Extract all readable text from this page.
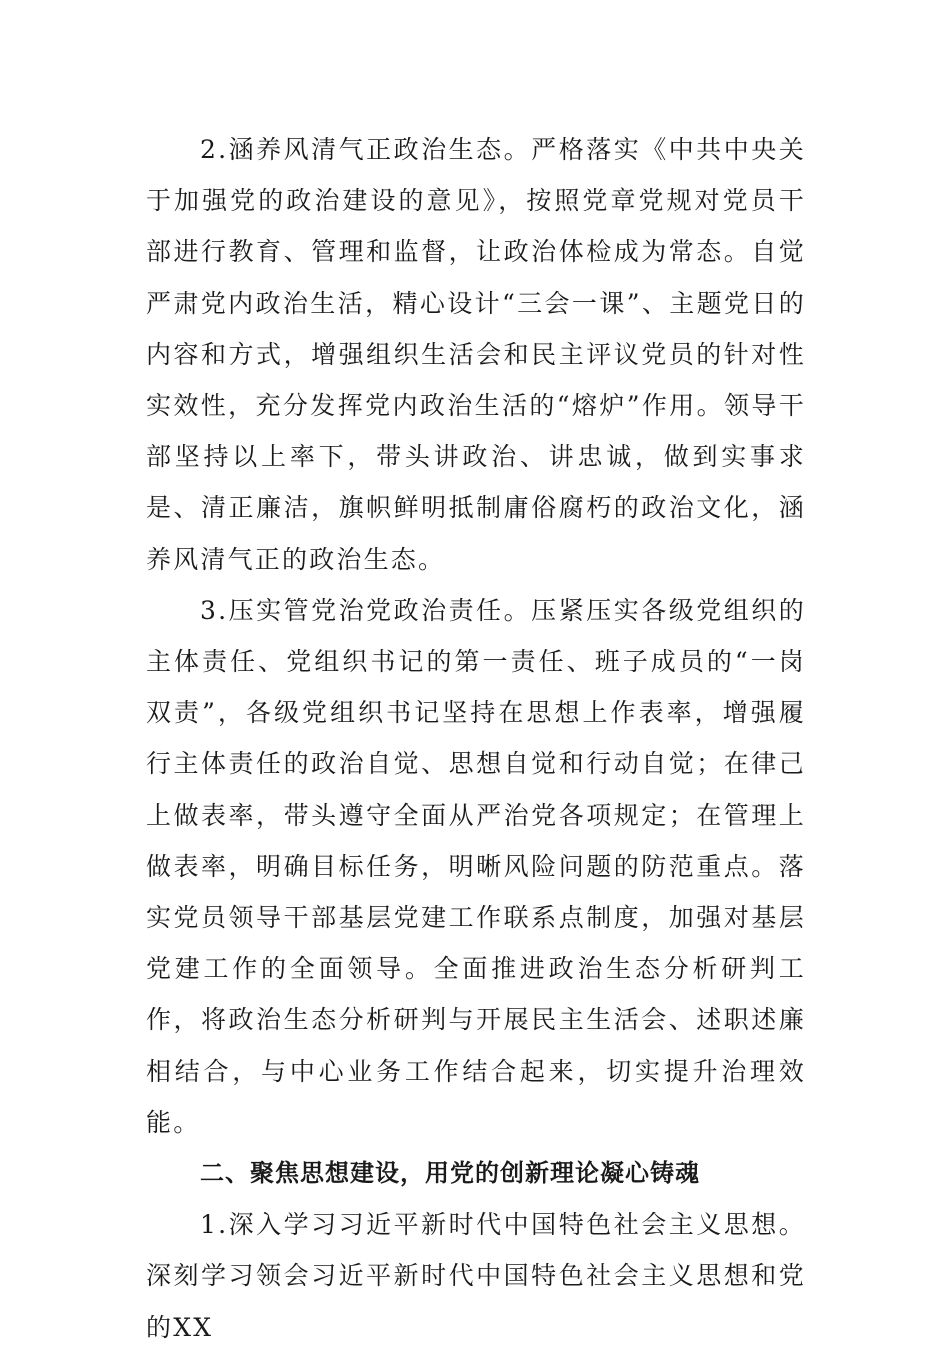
2.涵养风清气正政治生态。严格落实《中共中央关于加强党的政治建设的意见》，按照党章党规对党员干部进行教育、管理和监督，让政治体检成为常态。自觉严肃党内政治生活，精心设计“三会一课”、主题党日的内容和方式，增强组织生活会和民主评议党员的针对性实效性，充分发挥党内政治生活的“熔炉”作用。领导干部坚持以上率下，带头讲政治、讲忠诚，做到实事求是、清正廉洁，旗帜鲜明抵制庸俗腐朽的政治文化，涵养风清气正的政治生态。

3.压实管党治党政治责任。压紧压实各级党组织的主体责任、党组织书记的第一责任、班子成员的“一岗双责”，各级党组织书记坚持在思想上作表率，增强履行主体责任的政治自觉、思想自觉和行动自觉；在律己上做表率，带头遵守全面从严治党各项规定；在管理上做表率，明确目标任务，明晰风险问题的防范重点。落实党员领导干部基层党建工作联系点制度，加强对基层党建工作的全面领导。全面推进政治生态分析研判工作，将政治生态分析研判与开展民主生活会、述职述廉相结合，与中心业务工作结合起来，切实提升治理效能。

二、聚焦思想建设，用党的创新理论凝心铸魂

1.深入学习习近平新时代中国特色社会主义思想。深刻学习领会习近平新时代中国特色社会主义思想和党的XX
